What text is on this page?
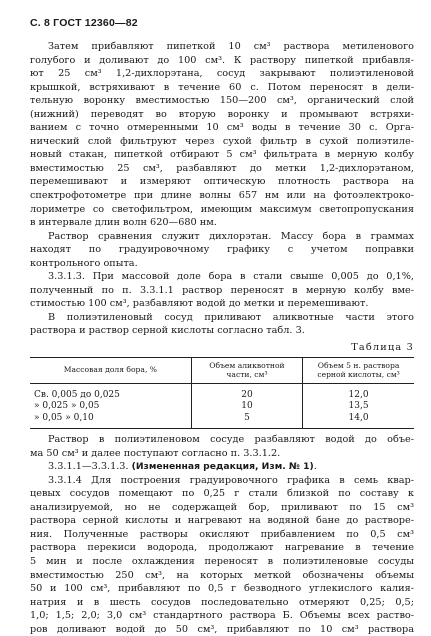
С. 8 ГОСТ 12360—82
Затем прибавляют пипеткой 10 см³ раствора метиленового
голубого и доливают до 100 см³. К раствору пипеткой прибавля-
ют 25 см³ 1,2-дихлорэтана, сосуд закрывают полиэтиленовой
крышкой, встряхивают в течение 60 с. Потом переносят в дели-
тельную воронку вместимостью 150—200 см³, органический слой
(нижний) переводят во вторую воронку и промывают встряхи-
ванием с точно отмеренными 10 см³ воды в течение 30 с. Орга-
нический слой фильтруют через сухой фильтр в сухой полиэтиле-
новый стакан, пипеткой отбирают 5 см³ фильтрата в мерную колбу
вместимостью 25 см³, разбавляют до метки 1,2-дихлорэтаном,
перемешивают и измеряют оптическую плотность раствора на
спектрофотометре при длине волны 657 нм или на фотоэлектроко-
лориметре со светофильтром, имеющим максимум светопропускания
в интервале длин волн 620—680 нм.
Раствор сравнения служит дихлорэтан. Массу бора в граммах
находят по градуировочному графику с учетом поправки
контрольного опыта.
3.3.1.3. При массовой доле бора в стали свыше 0,005 до 0,1%,
полученный по п. 3.3.1.1 раствор переносят в мерную колбу вме-
стимостью 100 см³, разбавляют водой до метки и перемешивают.
В полиэтиленовый сосуд приливают аликвотные части этого
раствора и раствор серной кислоты согласно табл. 3.
Таблица 3
Массовая доля бора, %	Объем аликвотной части, см³	Объем 5 н. раствора серной кислоты, см³
Св. 0,005 до 0,025	20	12,0
» 0,025 » 0,05	10	13,5
» 0,05 » 0,10	5	14,0
Раствор в полиэтиленовом сосуде разбавляют водой до объе-
ма 50 см³ и далее поступают согласно п. 3.3.1.2.
3.3.1.1—3.3.1.3. (Измененная редакция, Изм. № 1).
3.3.1.4 Для построения градуировочного графика в семь квар-
цевых сосудов помещают по 0,25 г стали близкой по составу к
анализируемой, но не содержащей бор, приливают по 15 см³
раствора серной кислоты и нагревают на водяной бане до растворе-
ния. Полученные растворы окисляют прибавлением по 0,5 см³
раствора перекиси водорода, продолжают нагревание в течение
5 мин и после охлаждения переносят в полиэтиленовые сосуды
вместимостью 250 см³, на которых меткой обозначены объемы
50 и 100 см³, прибавляют по 0,5 г безводного углекислого калия-
натрия и в шесть сосудов последовательно отмеряют 0,25; 0,5;
1,0; 1,5; 2,0; 3,0 см³ стандартного раствора Б. Объемы всех раство-
ров доливают водой до 50 см³, прибавляют по 10 см³ раствора
